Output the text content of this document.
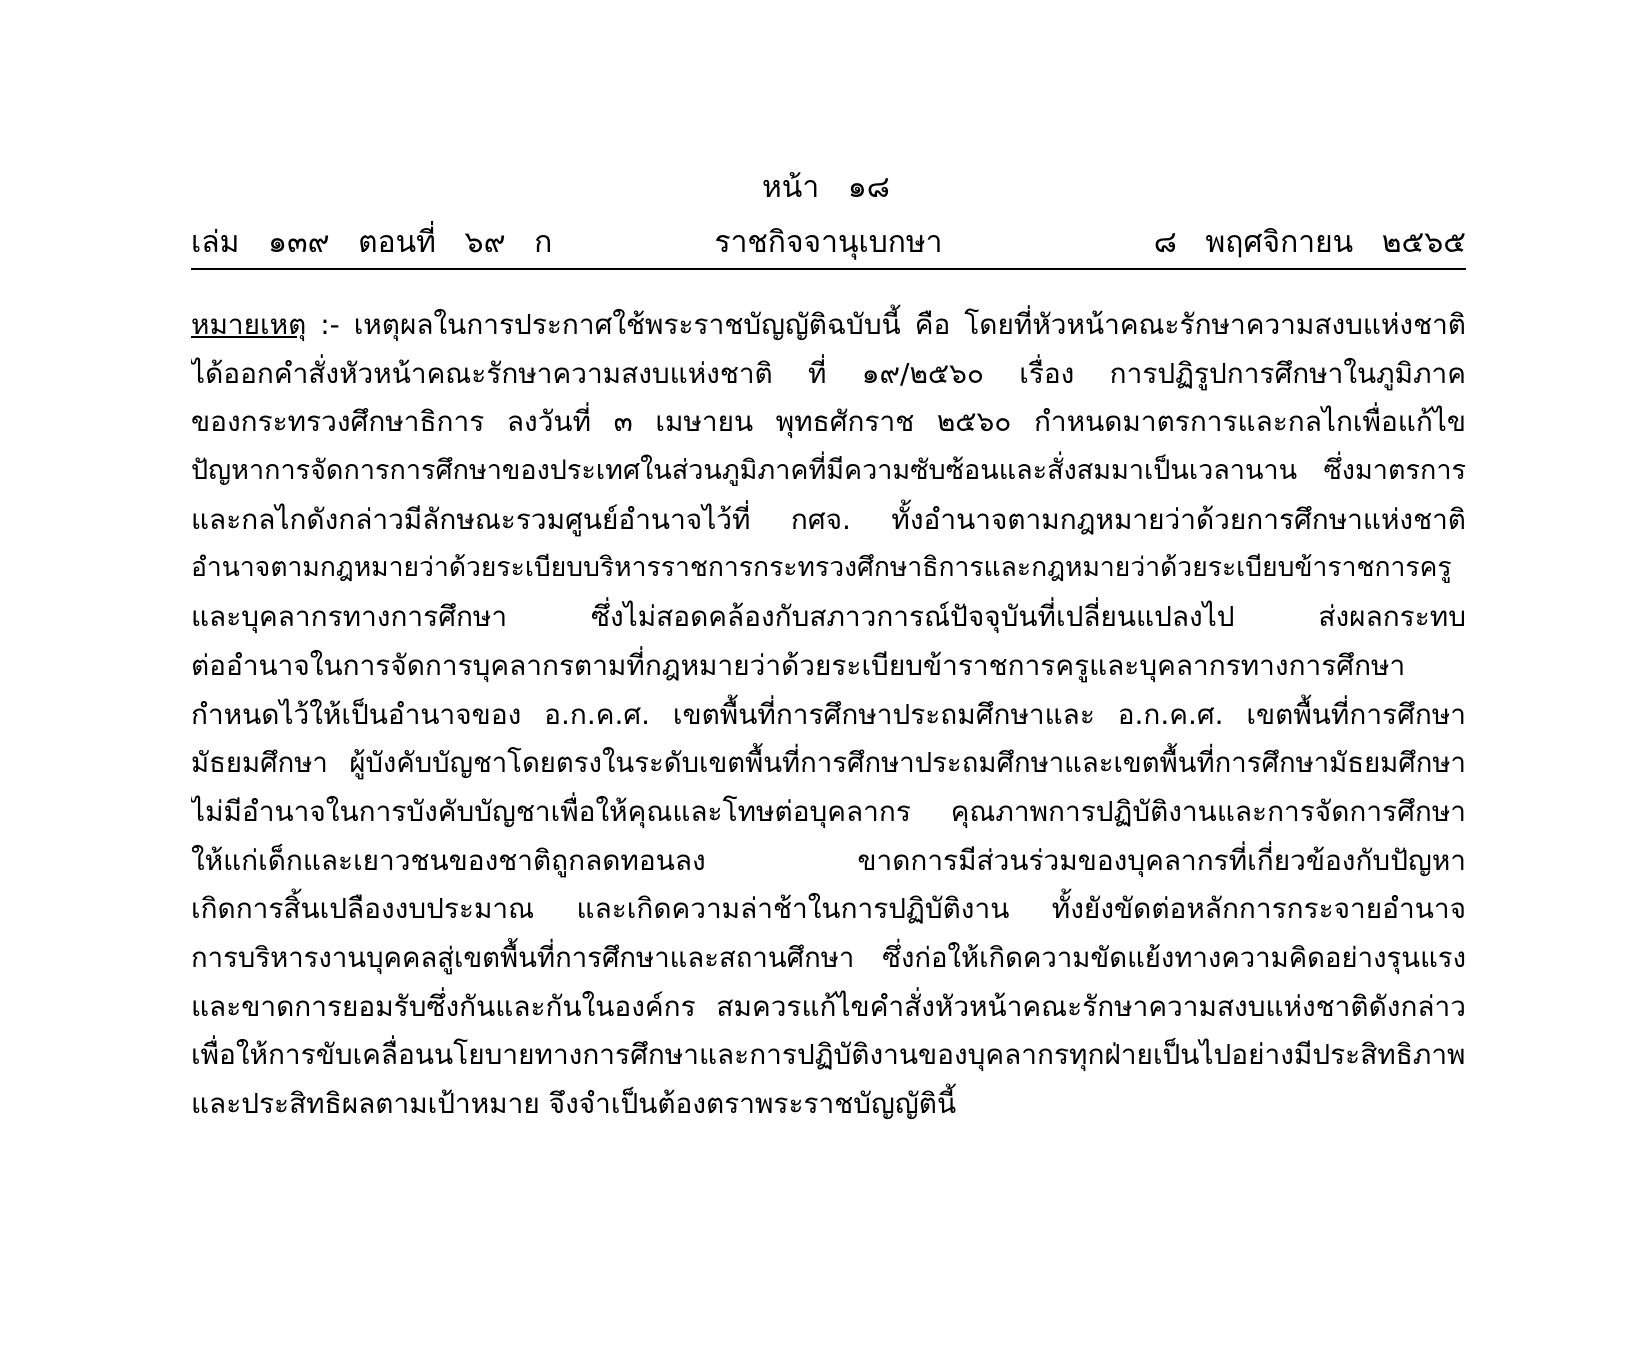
หน้า   ๑๘
เล่ม   ๑๓๙   ตอนที่   ๖๙   ก	ราชกิจจานุเบกษา	๘   พฤศจิกายน   ๒๕๖๕
หมายเหตุ :- เหตุผลในการประกาศใช้พระราชบัญญัติฉบับนี้ คือ โดยที่หัวหน้าคณะรักษาความสงบแห่งชาติ
ได้ออกคำสั่งหัวหน้าคณะรักษาความสงบแห่งชาติ ที่ ๑๙/๒๕๖๐ เรื่อง การปฏิรูปการศึกษาในภูมิภาค
ของกระทรวงศึกษาธิการ ลงวันที่ ๓ เมษายน พุทธศักราช ๒๕๖๐ กำหนดมาตรการและกลไกเพื่อแก้ไข
ปัญหาการจัดการการศึกษาของประเทศในส่วนภูมิภาคที่มีความซับซ้อนและสั่งสมมาเป็นเวลานาน ซึ่งมาตรการ
และกลไกดังกล่าวมีลักษณะรวมศูนย์อำนาจไว้ที่ กศจ. ทั้งอำนาจตามกฎหมายว่าด้วยการศึกษาแห่งชาติ
อำนาจตามกฎหมายว่าด้วยระเบียบบริหารราชการกระทรวงศึกษาธิการและกฎหมายว่าด้วยระเบียบข้าราชการครู
และบุคลากรทางการศึกษา ซึ่งไม่สอดคล้องกับสภาวการณ์ปัจจุบันที่เปลี่ยนแปลงไป ส่งผลกระทบ
ต่ออำนาจในการจัดการบุคลากรตามที่กฎหมายว่าด้วยระเบียบข้าราชการครูและบุคลากรทางการศึกษา
กำหนดไว้ให้เป็นอำนาจของ อ.ก.ค.ศ. เขตพื้นที่การศึกษาประถมศึกษาและ อ.ก.ค.ศ. เขตพื้นที่การศึกษา
มัธยมศึกษา ผู้บังคับบัญชาโดยตรงในระดับเขตพื้นที่การศึกษาประถมศึกษาและเขตพื้นที่การศึกษามัธยมศึกษา
ไม่มีอำนาจในการบังคับบัญชาเพื่อให้คุณและโทษต่อบุคลากร คุณภาพการปฏิบัติงานและการจัดการศึกษา
ให้แก่เด็กและเยาวชนของชาติถูกลดทอนลง ขาดการมีส่วนร่วมของบุคลากรที่เกี่ยวข้องกับปัญหา
เกิดการสิ้นเปลืองงบประมาณ และเกิดความล่าช้าในการปฏิบัติงาน ทั้งยังขัดต่อหลักการกระจายอำนาจ
การบริหารงานบุคคลสู่เขตพื้นที่การศึกษาและสถานศึกษา ซึ่งก่อให้เกิดความขัดแย้งทางความคิดอย่างรุนแรง
และขาดการยอมรับซึ่งกันและกันในองค์กร สมควรแก้ไขคำสั่งหัวหน้าคณะรักษาความสงบแห่งชาติดังกล่าว
เพื่อให้การขับเคลื่อนนโยบายทางการศึกษาและการปฏิบัติงานของบุคลากรทุกฝ่ายเป็นไปอย่างมีประสิทธิภาพ
และประสิทธิผลตามเป้าหมาย จึงจำเป็นต้องตราพระราชบัญญัตินี้
